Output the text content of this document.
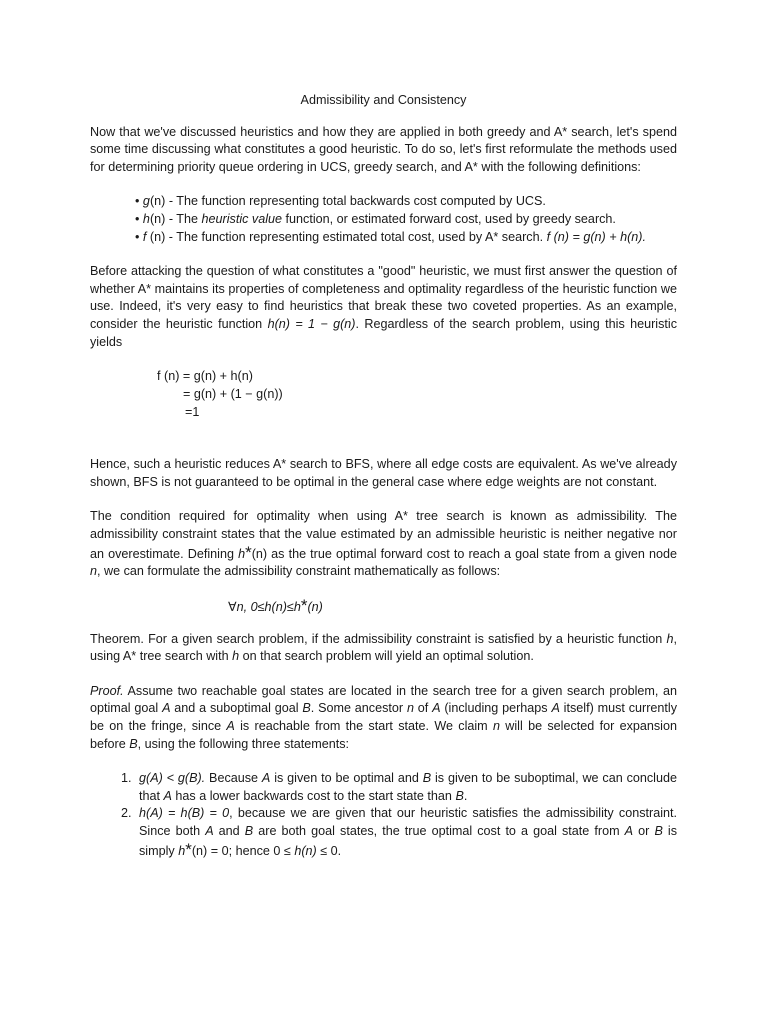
Admissibility and Consistency

Now that we've discussed heuristics and how they are applied in both greedy and A* search, let's spend some time discussing what constitutes a good heuristic. To do so, let's first reformulate the methods used for determining priority queue ordering in UCS, greedy search, and A* with the following definitions:

• g(n) - The function representing total backwards cost computed by UCS.
• h(n) - The heuristic value function, or estimated forward cost, used by greedy search.
• f (n) - The function representing estimated total cost, used by A* search. f (n) = g(n) + h(n).

Before attacking the question of what constitutes a "good" heuristic, we must first answer the question of whether A* maintains its properties of completeness and optimality regardless of the heuristic function we use. Indeed, it's very easy to find heuristics that break these two coveted properties. As an example, consider the heuristic function h(n) = 1 − g(n). Regardless of the search problem, using this heuristic yields

f (n) = g(n) + h(n)
= g(n) + (1 − g(n))
=1

Hence, such a heuristic reduces A* search to BFS, where all edge costs are equivalent. As we've already shown, BFS is not guaranteed to be optimal in the general case where edge weights are not constant.

The condition required for optimality when using A* tree search is known as admissibility. The admissibility constraint states that the value estimated by an admissible heuristic is neither negative nor an overestimate. Defining h*(n) as the true optimal forward cost to reach a goal state from a given node n, we can formulate the admissibility constraint mathematically as follows:

∀n, 0≤h(n)≤h*(n)

Theorem. For a given search problem, if the admissibility constraint is satisfied by a heuristic function h, using A* tree search with h on that search problem will yield an optimal solution.

Proof. Assume two reachable goal states are located in the search tree for a given search problem, an optimal goal A and a suboptimal goal B. Some ancestor n of A (including perhaps A itself) must currently be on the fringe, since A is reachable from the start state. We claim n will be selected for expansion before B, using the following three statements:

1. g(A) < g(B). Because A is given to be optimal and B is given to be suboptimal, we can conclude that A has a lower backwards cost to the start state than B.
2. h(A) = h(B) = 0, because we are given that our heuristic satisfies the admissibility constraint. Since both A and B are both goal states, the true optimal cost to a goal state from A or B is simply h*(n) = 0; hence 0 ≤ h(n) ≤ 0.
